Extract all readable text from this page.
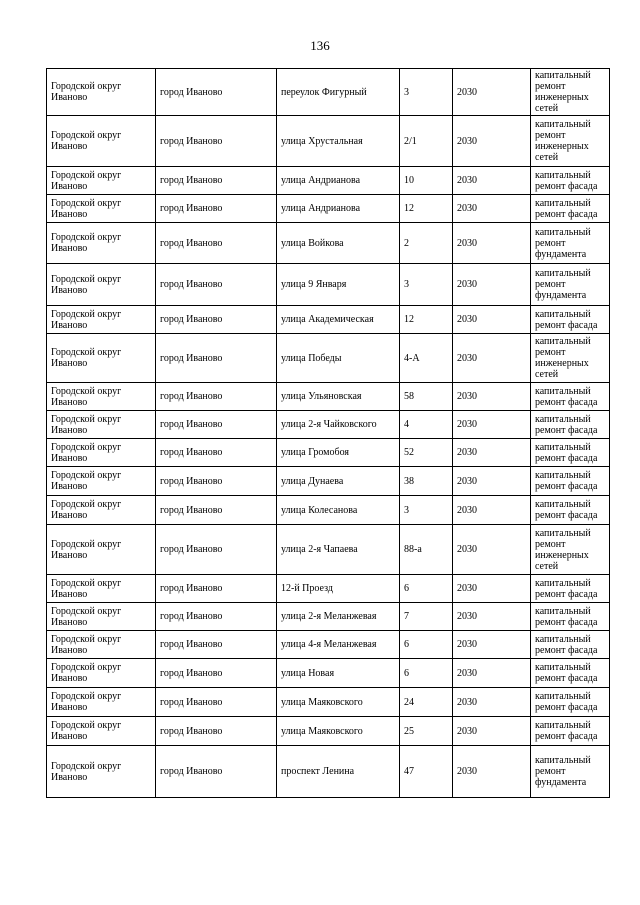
136
Городской округ Иваново	город Иваново	переулок Фигурный	3	2030	капитальный ремонт инженерных сетей
Городской округ Иваново	город Иваново	улица Хрустальная	2/1	2030	капитальный ремонт инженерных сетей
Городской округ Иваново	город Иваново	улица Андрианова	10	2030	капитальный ремонт фасада
Городской округ Иваново	город Иваново	улица Андрианова	12	2030	капитальный ремонт фасада
Городской округ Иваново	город Иваново	улица Войкова	2	2030	капитальный ремонт фундамента
Городской округ Иваново	город Иваново	улица 9 Января	3	2030	капитальный ремонт фундамента
Городской округ Иваново	город Иваново	улица Академическая	12	2030	капитальный ремонт фасада
Городской округ Иваново	город Иваново	улица Победы	4-А	2030	капитальный ремонт инженерных сетей
Городской округ Иваново	город Иваново	улица Ульяновская	58	2030	капитальный ремонт фасада
Городской округ Иваново	город Иваново	улица 2-я Чайковского	4	2030	капитальный ремонт фасада
Городской округ Иваново	город Иваново	улица Громобоя	52	2030	капитальный ремонт фасада
Городской округ Иваново	город Иваново	улица Дунаева	38	2030	капитальный ремонт фасада
Городской округ Иваново	город Иваново	улица Колесанова	3	2030	капитальный ремонт фасада
Городской округ Иваново	город Иваново	улица 2-я Чапаева	88-а	2030	капитальный ремонт инженерных сетей
Городской округ Иваново	город Иваново	12-й Проезд	6	2030	капитальный ремонт фасада
Городской округ Иваново	город Иваново	улица 2-я Меланжевая	7	2030	капитальный ремонт фасада
Городской округ Иваново	город Иваново	улица 4-я Меланжевая	6	2030	капитальный ремонт фасада
Городской округ Иваново	город Иваново	улица Новая	6	2030	капитальный ремонт фасада
Городской округ Иваново	город Иваново	улица Маяковского	24	2030	капитальный ремонт фасада
Городской округ Иваново	город Иваново	улица Маяковского	25	2030	капитальный ремонт фасада
Городской округ Иваново	город Иваново	проспект Ленина	47	2030	капитальный ремонт фундамента
